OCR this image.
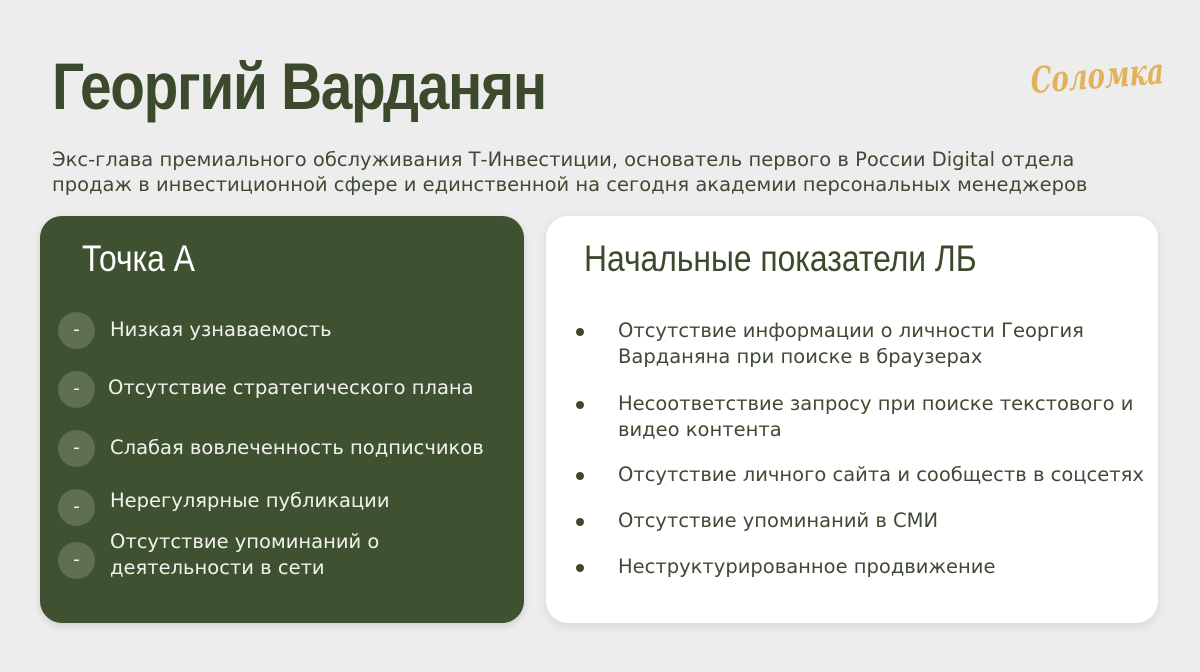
Георгий Варданян	Соломка

Экс-глава премиального обслуживания Т-Инвестиции, основатель первого в России Digital отдела
продаж в инвестиционной сфере и единственной на сегодня академии персональных менеджеров

Точка А
-	Низкая узнаваемость
-	Отсутствие стратегического плана
-	Слабая вовлеченность подписчиков
-	Нерегулярные публикации
-
Отсутствие упоминаний о
деятельности в сети
Начальные показатели ЛБ
Отсутствие информации о личности Георгия
Варданяна при поиске в браузерах
Несоответствие запросу при поиске текстового и
видео контента
Отсутствие личного сайта и сообществ в соцсетях
Отсутствие упоминаний в СМИ
Неструктурированное продвижение
